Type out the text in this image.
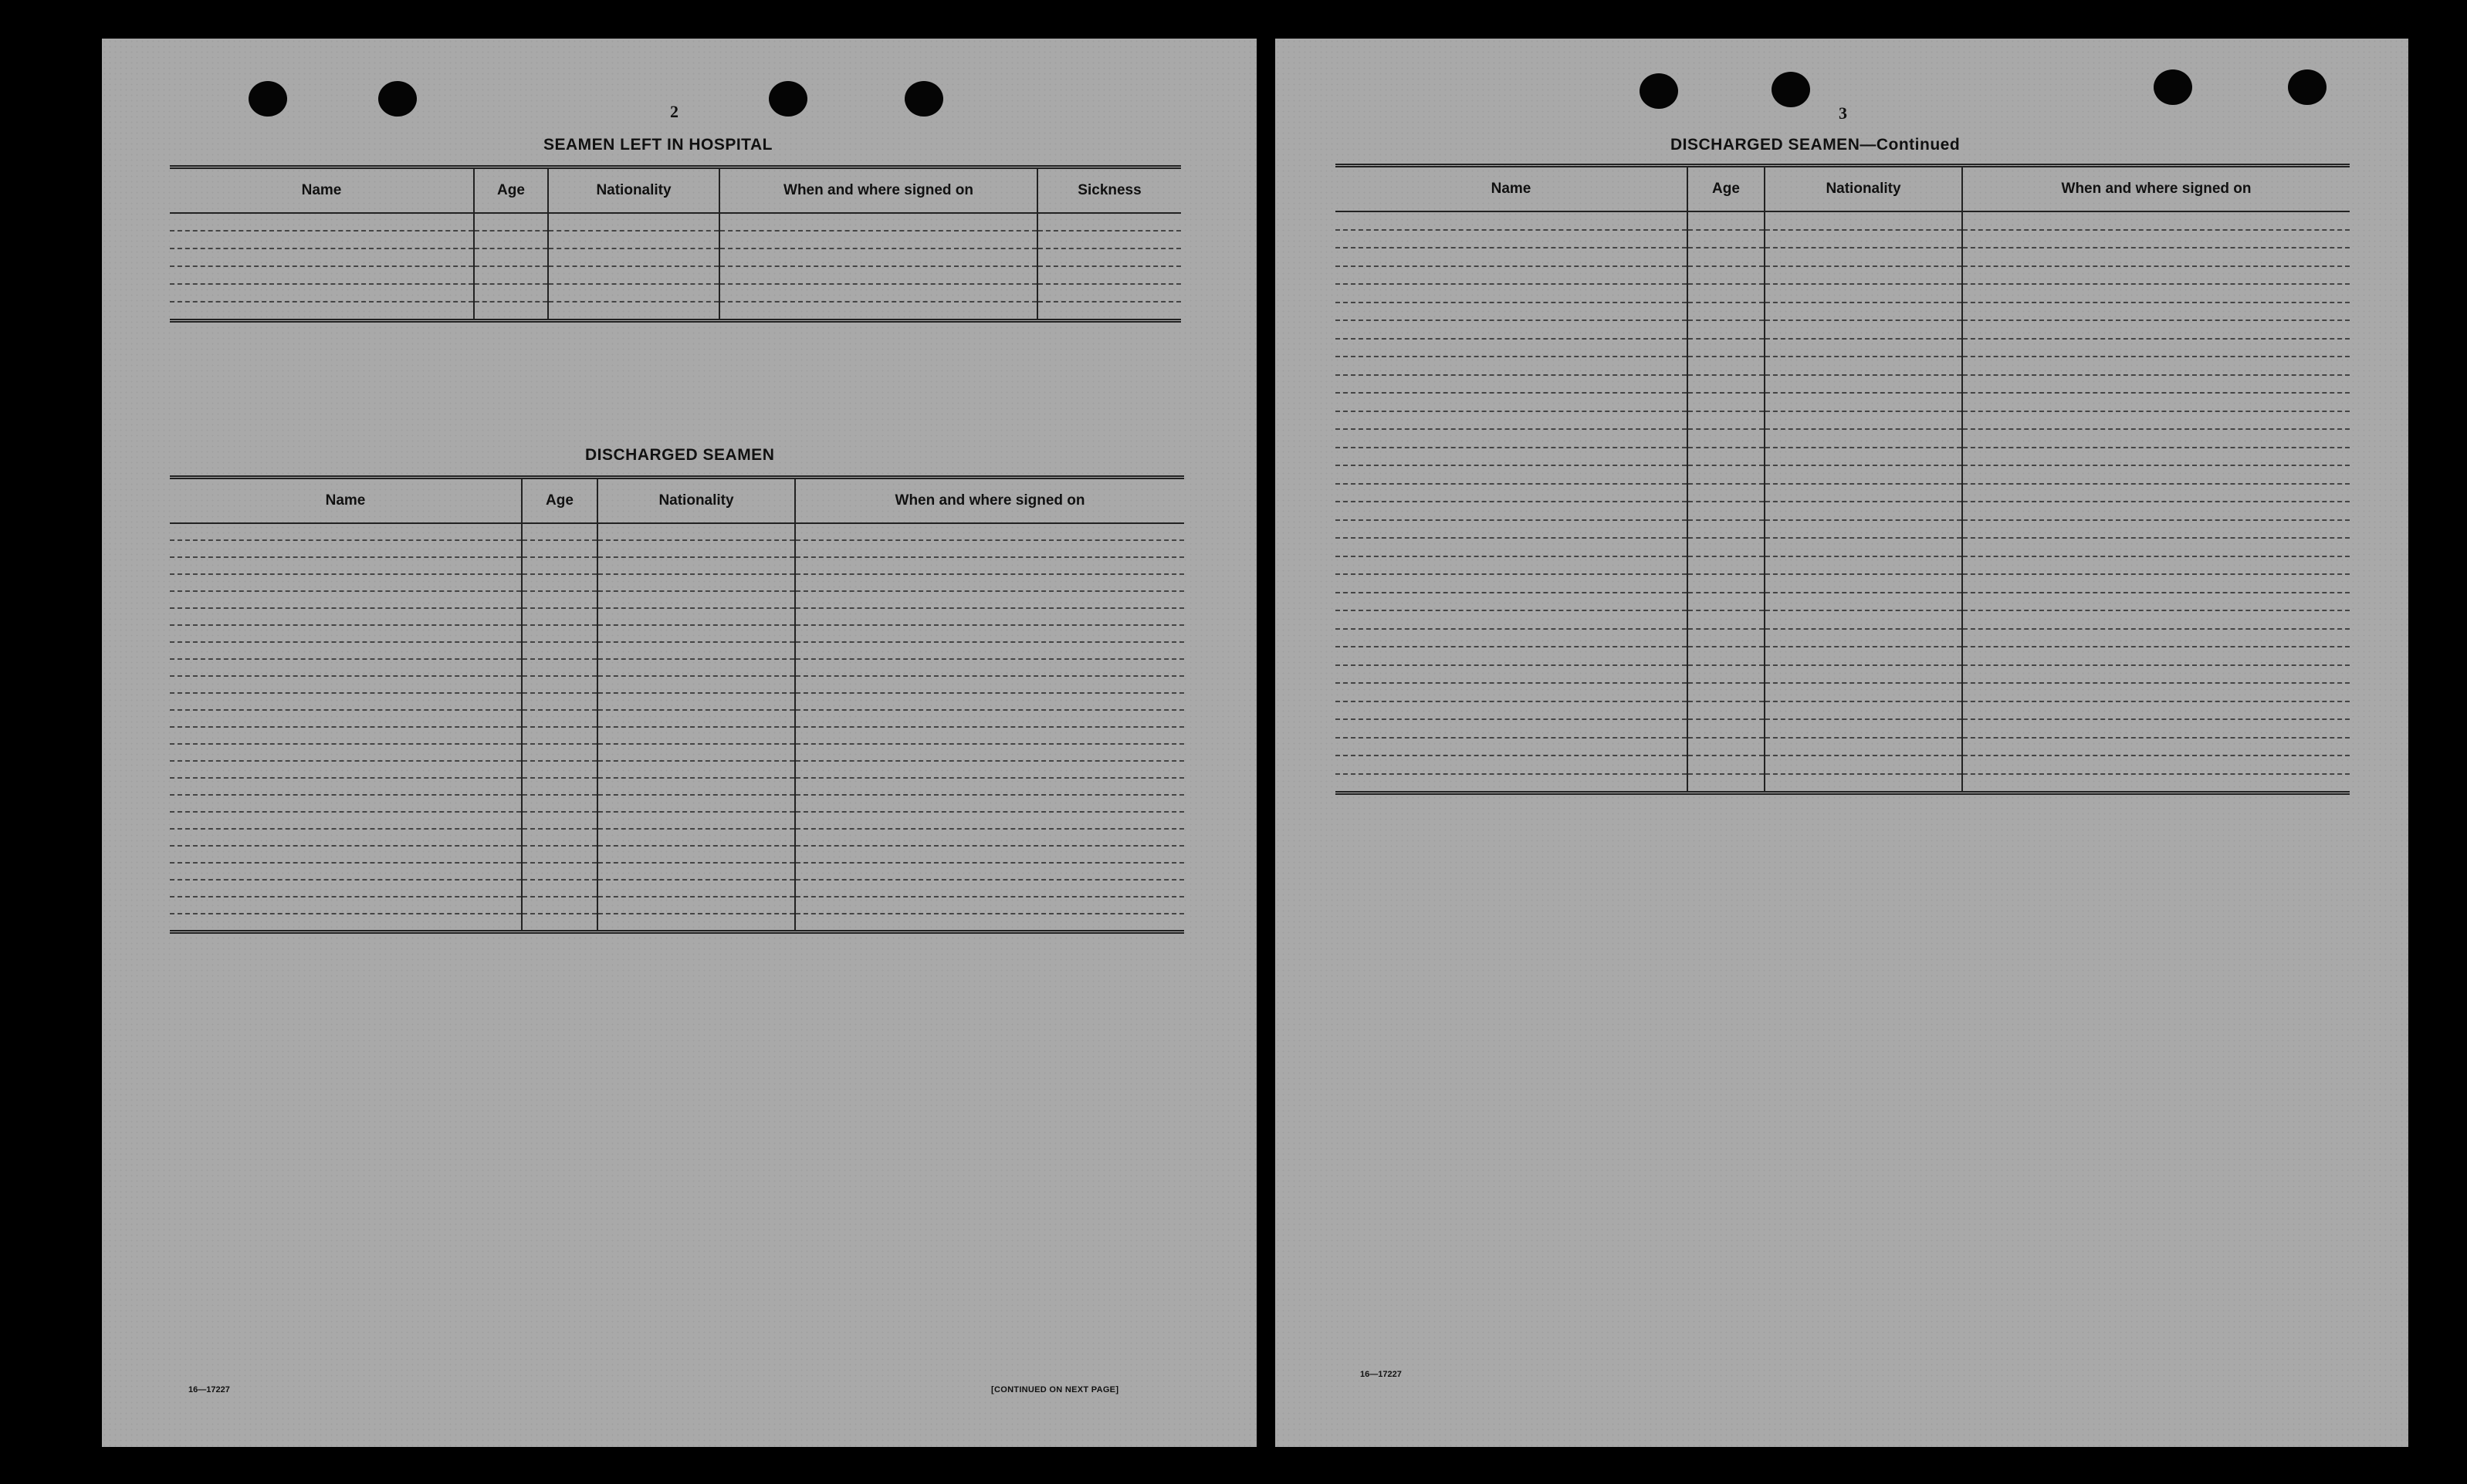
2
SEAMEN LEFT IN HOSPITAL
Name	Age	Nationality	When and where signed on	Sickness

DISCHARGED SEAMEN
Name	Age	Nationality	When and where signed on

16—17227	[CONTINUED ON NEXT PAGE]
3
DISCHARGED SEAMEN—Continued
Name	Age	Nationality	When and where signed on

16—17227
